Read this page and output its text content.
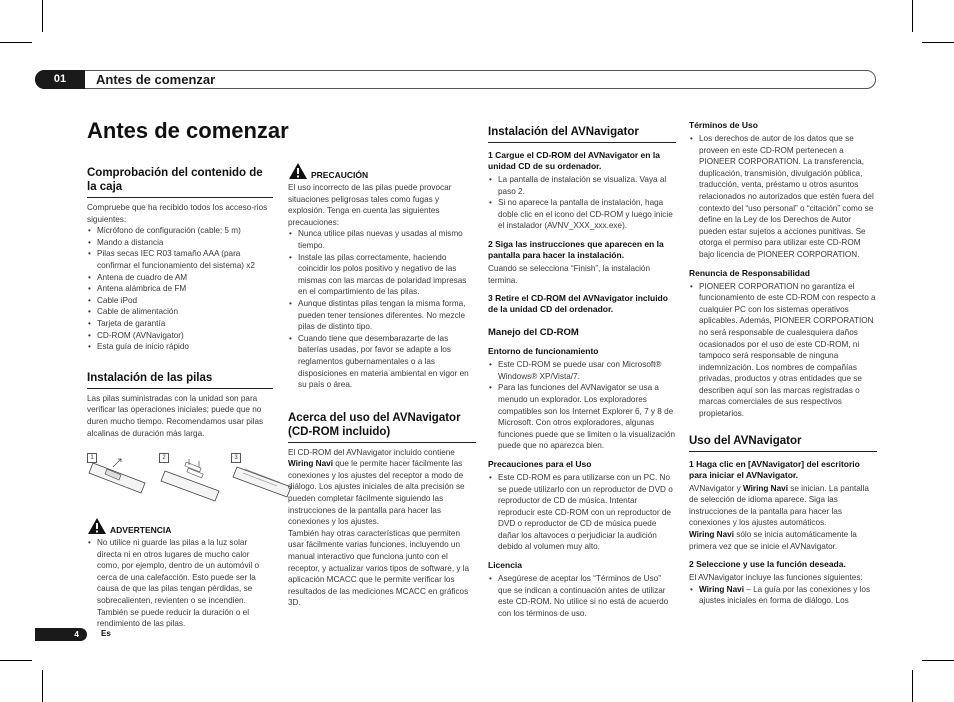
01	Antes de comenzar
Antes de comenzar
Comprobación del contenido de la caja

Compruebe que ha recibido todos los acceso-rios siguientes:

• Micrófono de configuración (cable: 5 m)
• Mando a distancia
• Pilas secas IEC R03 tamaño AAA (para confirmar el funcionamiento del sistema) x2
• Antena de cuadro de AM
• Antena alámbrica de FM
• Cable iPod
• Cable de alimentación
• Tarjeta de garantía
• CD-ROM (AVNavigator)
• Esta guía de inicio rápido
Instalación de las pilas

Las pilas suministradas con la unidad son para verificar las operaciones iniciales; puede que no duren mucho tiempo. Recomendamos usar pilas alcalinas de duración más larga.

1	2	3
ADVERTENCIA
• No utilice ni guarde las pilas a la luz solar directa ni en otros lugares de mucho calor como, por ejemplo, dentro de un automóvil o cerca de una calefacción. Esto puede ser la causa de que las pilas tengan pérdidas, se sobrecalienten, revienten o se incendien. También se puede reducir la duración o el rendimiento de las pilas.
PRECAUCIÓN

El uso incorrecto de las pilas puede provocar situaciones peligrosas tales como fugas y explosión. Tenga en cuenta las siguientes precauciones:

• Nunca utilice pilas nuevas y usadas al mismo tiempo.
• Instale las pilas correctamente, haciendo coincidir los polos positivo y negativo de las mismas con las marcas de polaridad impresas en el compartimiento de las pilas.
• Aunque distintas pilas tengan la misma forma, pueden tener tensiones diferentes. No mezcle pilas de distinto tipo.
• Cuando tiene que desembarazarte de las baterías usadas, por favor se adapte a los reglamentos gubernamentales o a las disposiciones en materia ambiental en vigor en su país o área.
Acerca del uso del AVNavigator (CD-ROM incluido)

El CD-ROM del AVNavigator incluido contiene Wiring Navi que le permite hacer fácilmente las conexiones y los ajustes del receptor a modo de diálogo. Los ajustes iniciales de alta precisión se pueden completar fácilmente siguiendo las instrucciones de la pantalla para hacer las conexiones y los ajustes.

También hay otras características que permiten usar fácilmente varias funciones, incluyendo un manual interactivo que funciona junto con el receptor, y actualizar varios tipos de software, y la aplicación MCACC que le permite verificar los resultados de las mediciones MCACC en gráficos 3D.

Instalación del AVNavigator
1 Cargue el CD-ROM del AVNavigator en la unidad CD de su ordenador.
• La pantalla de instalación se visualiza. Vaya al paso 2.
• Si no aparece la pantalla de instalación, haga doble clic en el icono del CD-ROM y luego inicie el instalador (AVNV_XXX_xxx.exe).
2 Siga las instrucciones que aparecen en la pantalla para hacer la instalación.

Cuando se selecciona “Finish”, la instalación termina.

3 Retire el CD-ROM del AVNavigator incluido de la unidad CD del ordenador.
Manejo del CD-ROM
Entorno de funcionamiento
• Este CD-ROM se puede usar con Microsoft® Windows® XP/Vista/7.
• Para las funciones del AVNavigator se usa a menudo un explorador. Los exploradores compatibles son los Internet Explorer 6, 7 y 8 de Microsoft. Con otros exploradores, algunas funciones puede que se limiten o la visualización puede que no aparezca bien.
Precauciones para el Uso
• Este CD-ROM es para utilizarse con un PC. No se puede utilizarlo con un reproductor de DVD o reproductor de CD de música. Intentar reproducir este CD-ROM con un reproductor de DVD o reproductor de CD de música puede dañar los altavoces o perjudiciar la audición debido al volumen muy alto.
Licencia
• Asegúrese de aceptar los “Términos de Uso” que se indican a continuación antes de utilizar este CD-ROM. No utilice si no está de acuerdo con los términos de uso.
Términos de Uso
• Los derechos de autor de los datos que se proveen en este CD-ROM pertenecen a PIONEER CORPORATION. La transferencia, duplicación, transmisión, divulgación pública, traducción, venta, préstamo u otros asuntos relacionados no autorizados que estén fuera del contexto del “uso personal” o “citación” como se define en la Ley de los Derechos de Autor pueden estar sujetos a acciones punitivas. Se otorga el permiso para utilizar este CD-ROM bajo licencia de PIONEER CORPORATION.
Renuncia de Responsabilidad
• PIONEER CORPORATION no garantiza el funcionamiento de este CD-ROM con respecto a cualquier PC con los sistemas operativos aplicables. Además, PIONEER CORPORATION no será responsable de cualesquiera daños ocasionados por el uso de este CD-ROM, ni tampoco será responsable de ninguna indemnización. Los nombres de compañías privadas, productos y otras entidades que se describen aquí son las marcas registradas o marcas comerciales de sus respectivos propietarios.
Uso del AVNavigator
1 Haga clic en [AVNavigator] del escritorio para iniciar el AVNavigator.

AVNavigator y Wiring Navi se inician. La pantalla de selección de idioma aparece. Siga las instrucciones de la pantalla para hacer las conexiones y los ajustes automáticos.

Wiring Navi sólo se inicia automáticamente la primera vez que se inicie el AVNavigator.

2 Seleccione y use la función deseada.

El AVNavigator incluye las funciones siguientes:

• Wiring Navi – La guía por las conexiones y los ajustes iniciales en forma de diálogo. Los
4	Es
